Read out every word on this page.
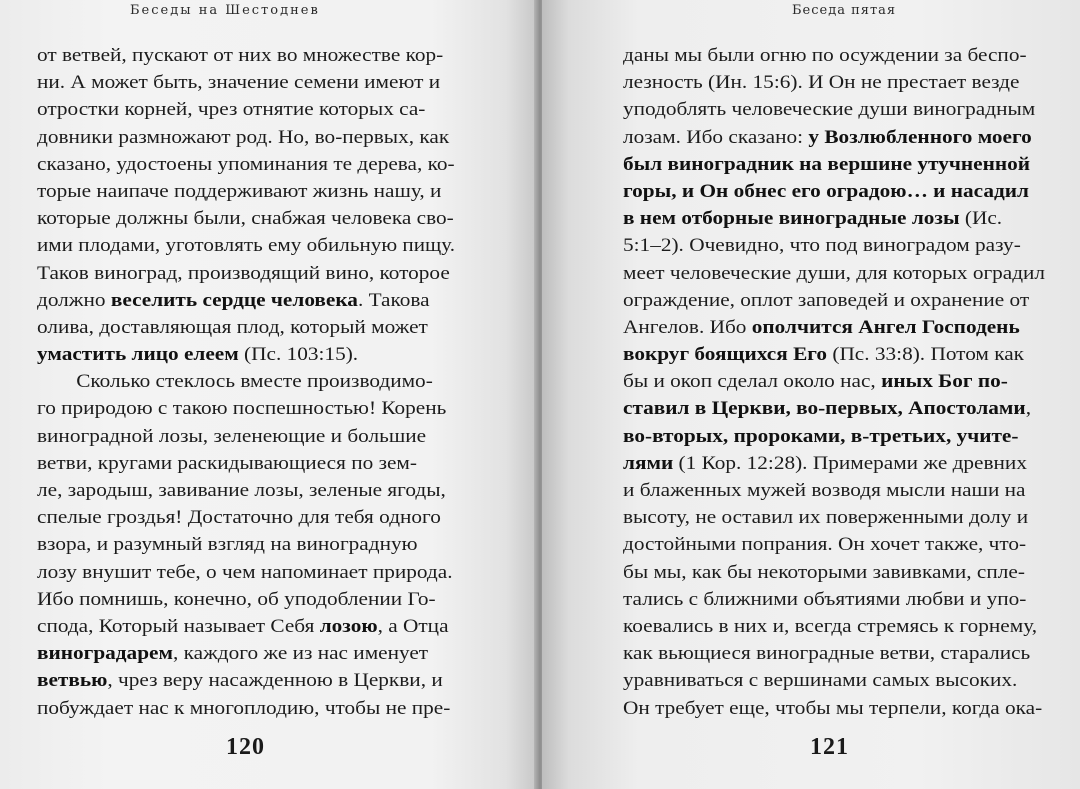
Беседы на Шестоднев
от ветвей, пускают от них во множестве кор-
ни. А может быть, значение семени имеют и
отростки корней, чрез отнятие которых са-
довники размножают род. Но, во-первых, как
сказано, удостоены упоминания те дерева, ко-
торые наипаче поддерживают жизнь нашу, и
которые должны были, снабжая человека сво-
ими плодами, уготовлять ему обильную пищу.
Таков виноград, производящий вино, которое
должно веселить сердце человека. Такова
олива, доставляющая плод, который может
умастить лицо елеем (Пс. 103:15).
Сколько стеклось вместе производимо-
го природою с такою поспешностью! Корень
виноградной лозы, зеленеющие и большие
ветви, кругами раскидывающиеся по зем-
ле, зародыш, завивание лозы, зеленые ягоды,
спелые гроздья! Достаточно для тебя одного
взора, и разумный взгляд на виноградную
лозу внушит тебе, о чем напоминает природа.
Ибо помнишь, конечно, об уподоблении Го-
спода, Который называет Себя лозою, а Отца
виноградарем, каждого же из нас именует
ветвью, чрез веру насажденною в Церкви, и
побуждает нас к многоплодию, чтобы не пре-
120
Беседа пятая
даны мы были огню по осуждении за беспо-
лезность (Ин. 15:6). И Он не престает везде
уподоблять человеческие души виноградным
лозам. Ибо сказано: у Возлюбленного моего
был виноградник на вершине утучненной
горы, и Он обнес его оградою… и насадил
в нем отборные виноградные лозы (Ис.
5:1–2). Очевидно, что под виноградом разу-
меет человеческие души, для которых оградил
ограждение, оплот заповедей и охранение от
Ангелов. Ибо ополчится Ангел Господень
вокруг боящихся Его (Пс. 33:8). Потом как
бы и окоп сделал около нас, иных Бог по-
ставил в Церкви, во-первых, Апостолами,
во-вторых, пророками, в-третьих, учите-
лями (1 Кор. 12:28). Примерами же древних
и блаженных мужей возводя мысли наши на
высоту, не оставил их поверженными долу и
достойными попрания. Он хочет также, что-
бы мы, как бы некоторыми завивками, спле-
тались с ближними объятиями любви и упо-
коевались в них и, всегда стремясь к горнему,
как вьющиеся виноградные ветви, старались
уравниваться с вершинами самых высоких.
Он требует еще, чтобы мы терпели, когда ока-
121
